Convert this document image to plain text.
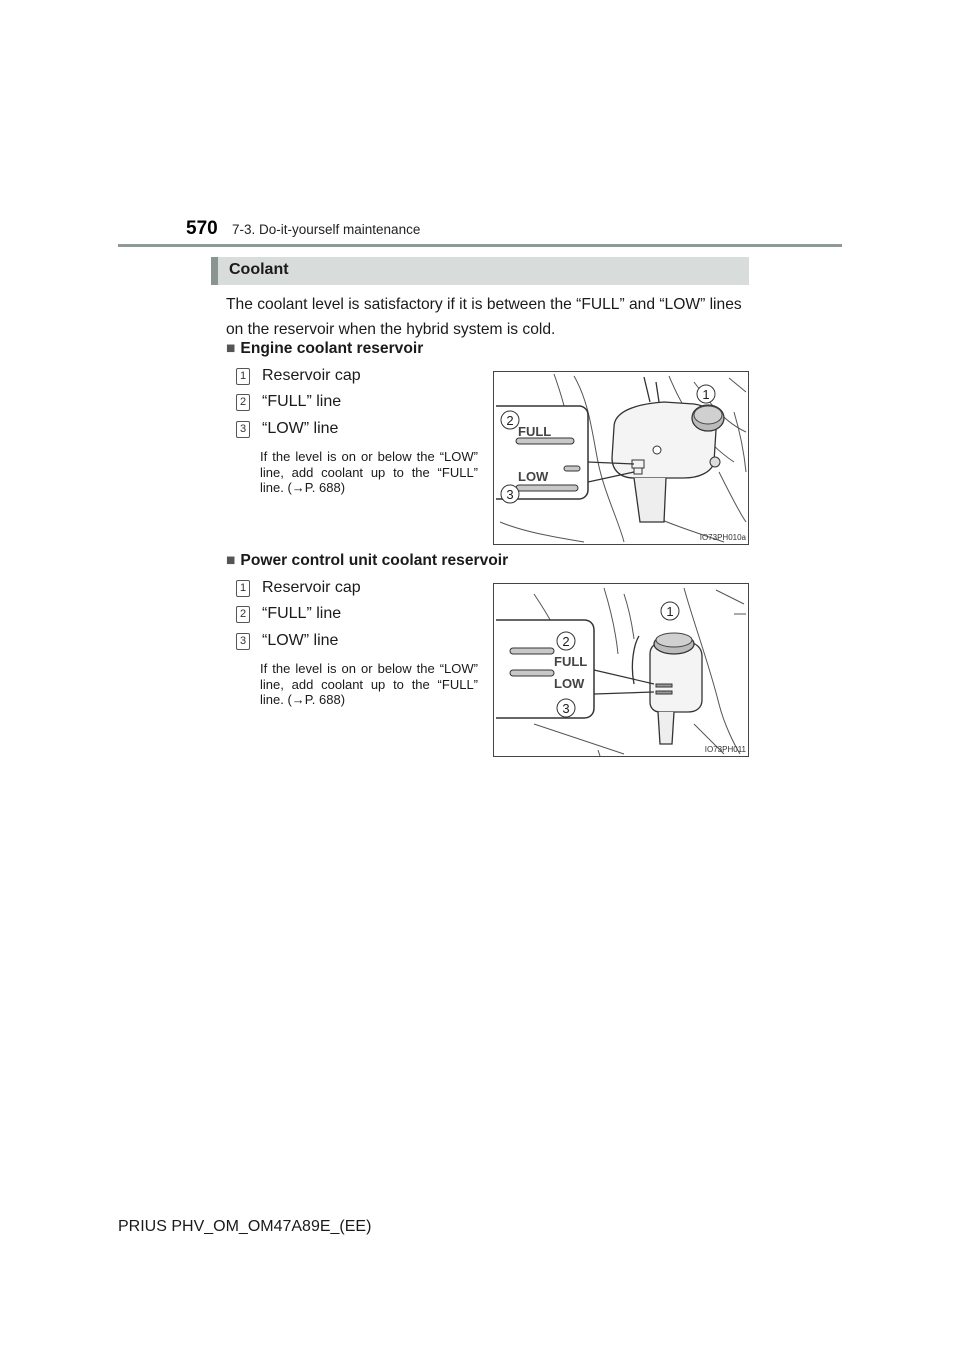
570 7-3. Do-it-yourself maintenance
Coolant
The coolant level is satisfactory if it is between the “FULL” and “LOW” lines on the reservoir when the hybrid system is cold.
■ Engine coolant reservoir
1 Reservoir cap
2 “FULL” line
3 “LOW” line
If the level is on or below the “LOW” line, add coolant up to the “FULL” line. (→P. 688)
FULL
LOW
1
2
3
IO73PH010a
■ Power control unit coolant reservoir
1 Reservoir cap
2 “FULL” line
3 “LOW” line
If the level is on or below the “LOW” line, add coolant up to the “FULL” line. (→P. 688)
FULL
LOW
1
2
3
IO73PH011
PRIUS PHV_OM_OM47A89E_(EE)
